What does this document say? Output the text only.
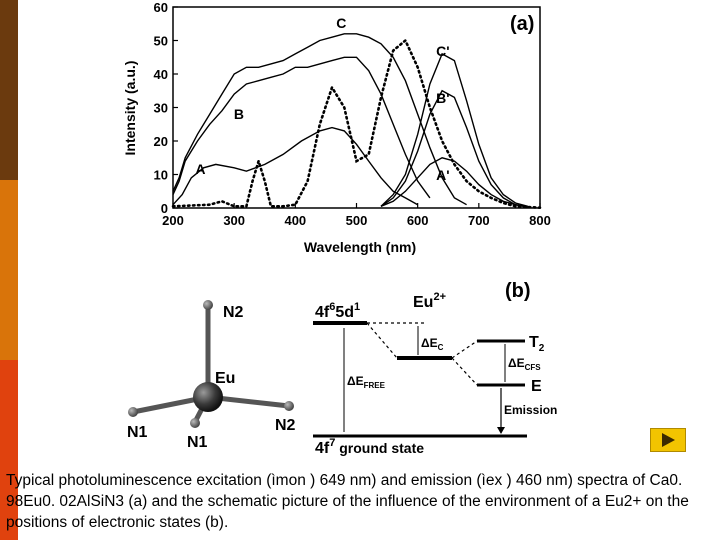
200	300	400	500	600	700	800
0
10
20
30
40
50
60
A
B
C
A'
B'
C'
(a)
Wavelength (nm)
Intensity (a.u.)
(b)
N2
Eu
N1
N1
N2
$Eu^{2+}$
$4f^65d^1$
$T_2$
E
$4f^7$ ground state
$\Delta E_{FREE}$
$\Delta E_C$
$\Delta E_{CFS}$
Emission

Typical photoluminescence excitation (ìmon ) 649 nm) and emission (ìex ) 460 nm) spectra of Ca0. 98Eu0. 02AlSiN3 (a) and the schematic picture of the influence of the environment of a Eu2+ on the positions of electronic states (b).
